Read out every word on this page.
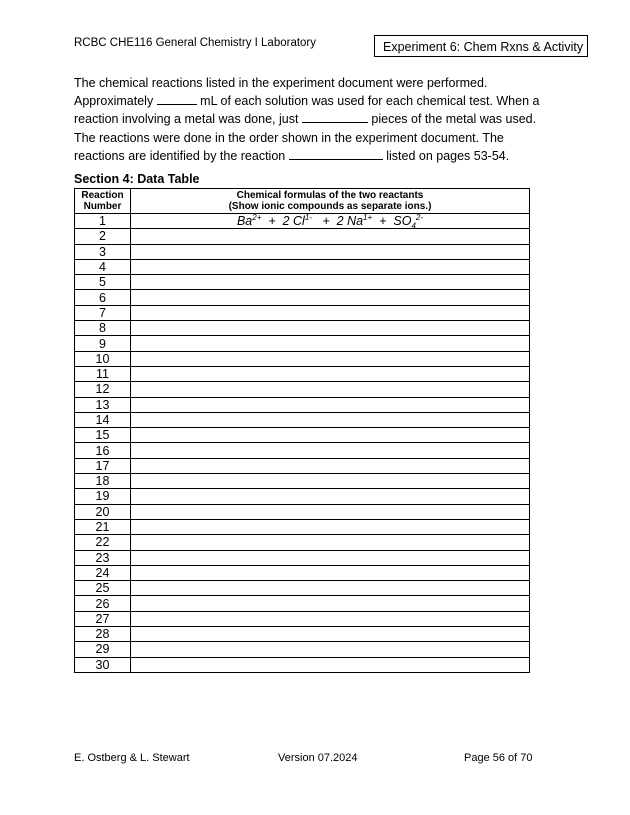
RCBC CHE116 General Chemistry I Laboratory	Experiment 6: Chem Rxns & Activity
The chemical reactions listed in the experiment document were performed.
Approximately	mL of each solution was used for each chemical test. When a
reaction involving a metal was done, just	pieces of the metal was used.
The reactions were done in the order shown in the experiment document. The
reactions are identified by the reaction	listed on pages 53-54.
Section 4: Data Table
Reaction
Number	Chemical formulas of the two reactants
(Show ionic compounds as separate ions.)
1	$Ba^{2+} + 2$ $Cl^{1-} + 2$ $Na^{1+} + SO_4^{2-}$
2	
3	
4	
5	
6	
7	
8	
9	
10	
11	
12	
13	
14	
15	
16	
17	
18	
19	
20	
21	
22	
23	
24	
25	
26	
27	
28	
29	
30	
E. Ostberg & L. Stewart	Version 07.2024	Page 56 of 70
